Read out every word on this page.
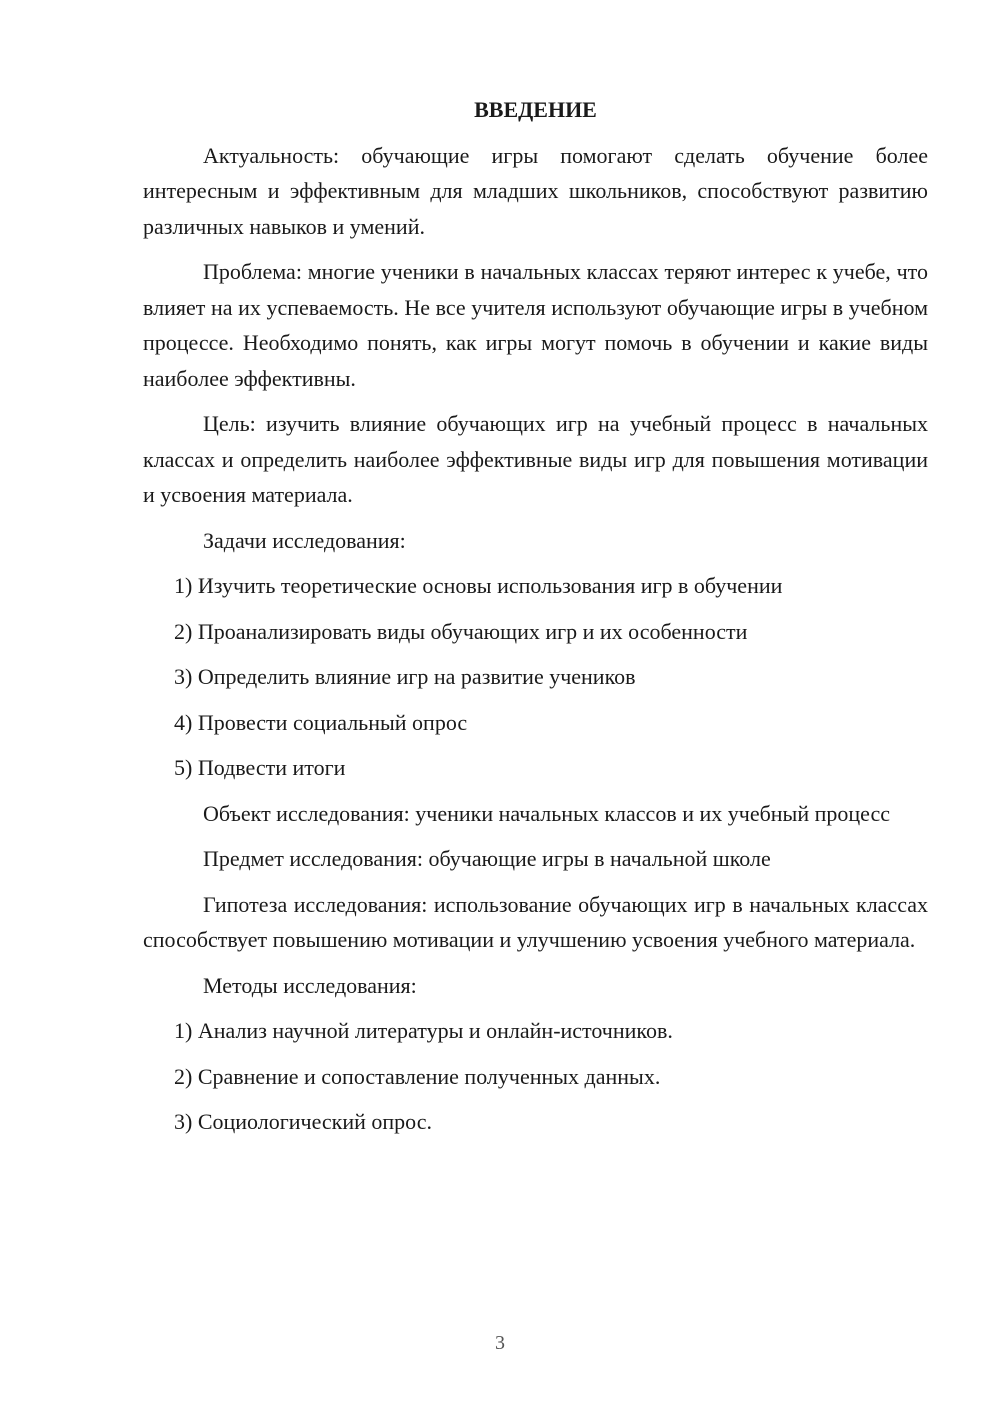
ВВЕДЕНИЕ

Актуальность: обучающие игры помогают сделать обучение более интересным и эффективным для младших школьников, способствуют развитию различных навыков и умений.

Проблема: многие ученики в начальных классах теряют интерес к учебе, что влияет на их успеваемость. Не все учителя используют обучающие игры в учебном процессе. Необходимо понять, как игры могут помочь в обучении и какие виды наиболее эффективны.

Цель: изучить влияние обучающих игр на учебный процесс в начальных классах и определить наиболее эффективные виды игр для повышения мотивации и усвоения материала.

Задачи исследования:

1) Изучить теоретические основы использования игр в обучении
2) Проанализировать виды обучающих игр и их особенности
3) Определить влияние игр на развитие учеников
4) Провести социальный опрос
5) Подвести итоги

Объект исследования: ученики начальных классов и их учебный процесс

Предмет исследования: обучающие игры в начальной школе

Гипотеза исследования: использование обучающих игр в начальных классах способствует повышению мотивации и улучшению усвоения учебного материала.

Методы исследования:

1) Анализ научной литературы и онлайн-источников.
2) Сравнение и сопоставление полученных данных.
3) Социологический опрос.
3
